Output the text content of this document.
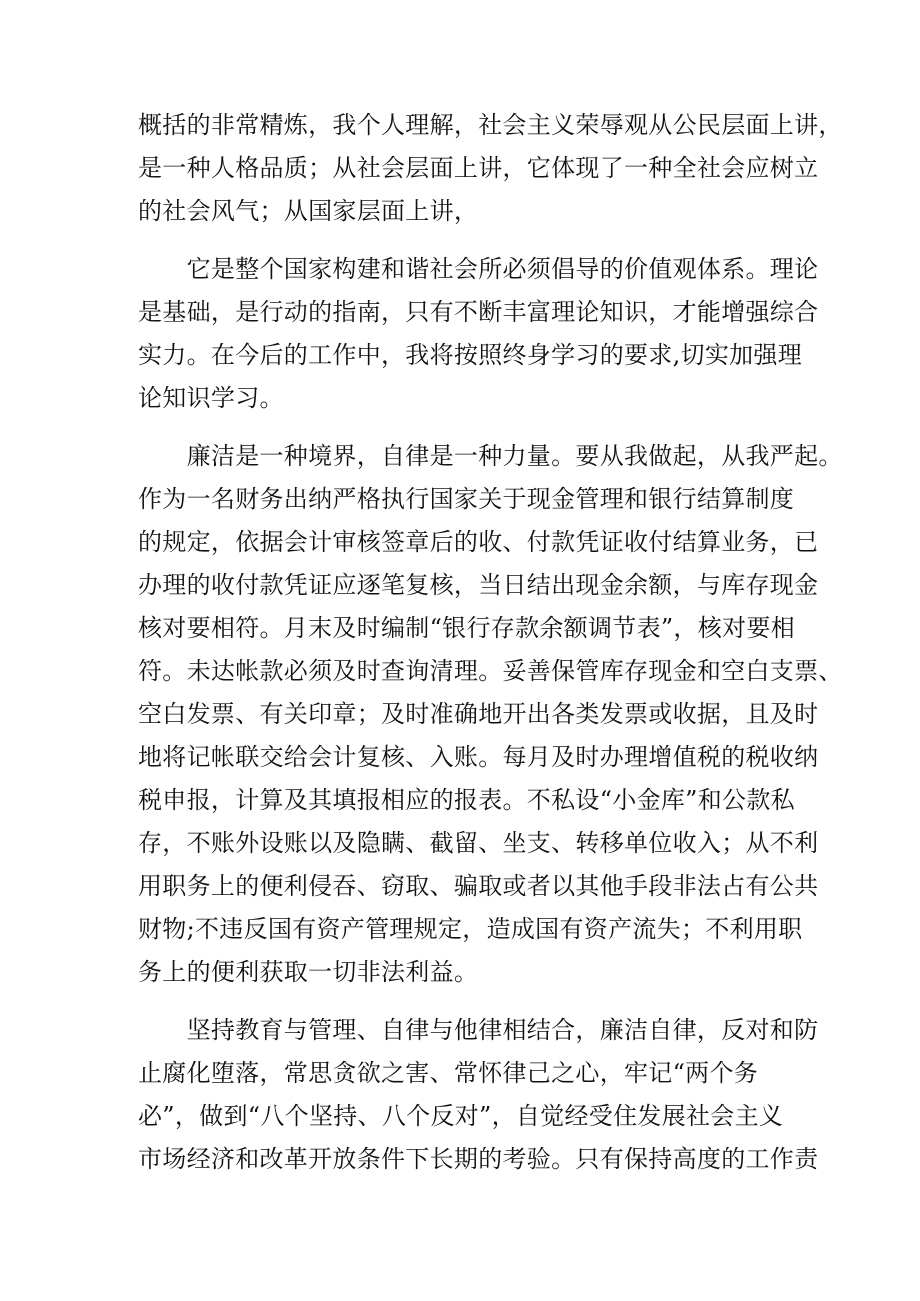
概括的非常精炼，我个人理解，社会主义荣辱观从公民层面上讲，
是一种人格品质；从社会层面上讲，它体现了一种全社会应树立
的社会风气；从国家层面上讲，
　　它是整个国家构建和谐社会所必须倡导的价值观体系。理论
是基础，是行动的指南，只有不断丰富理论知识，才能增强综合
实力。在今后的工作中，我将按照终身学习的要求,切实加强理
论知识学习。
　　廉洁是一种境界，自律是一种力量。要从我做起，从我严起。
作为一名财务出纳严格执行国家关于现金管理和银行结算制度
的规定，依据会计审核签章后的收、付款凭证收付结算业务，已
办理的收付款凭证应逐笔复核，当日结出现金余额，与库存现金
核对要相符。月末及时编制“银行存款余额调节表”，核对要相
符。未达帐款必须及时查询清理。妥善保管库存现金和空白支票、
空白发票、有关印章；及时准确地开出各类发票或收据，且及时
地将记帐联交给会计复核、入账。每月及时办理增值税的税收纳
税申报，计算及其填报相应的报表。不私设“小金库”和公款私
存，不账外设账以及隐瞒、截留、坐支、转移单位收入；从不利
用职务上的便利侵吞、窃取、骗取或者以其他手段非法占有公共
财物;不违反国有资产管理规定，造成国有资产流失；不利用职
务上的便利获取一切非法利益。
　　坚持教育与管理、自律与他律相结合，廉洁自律，反对和防
止腐化堕落，常思贪欲之害、常怀律己之心，牢记“两个务
必”，做到“八个坚持、八个反对”，自觉经受住发展社会主义
市场经济和改革开放条件下长期的考验。只有保持高度的工作责
